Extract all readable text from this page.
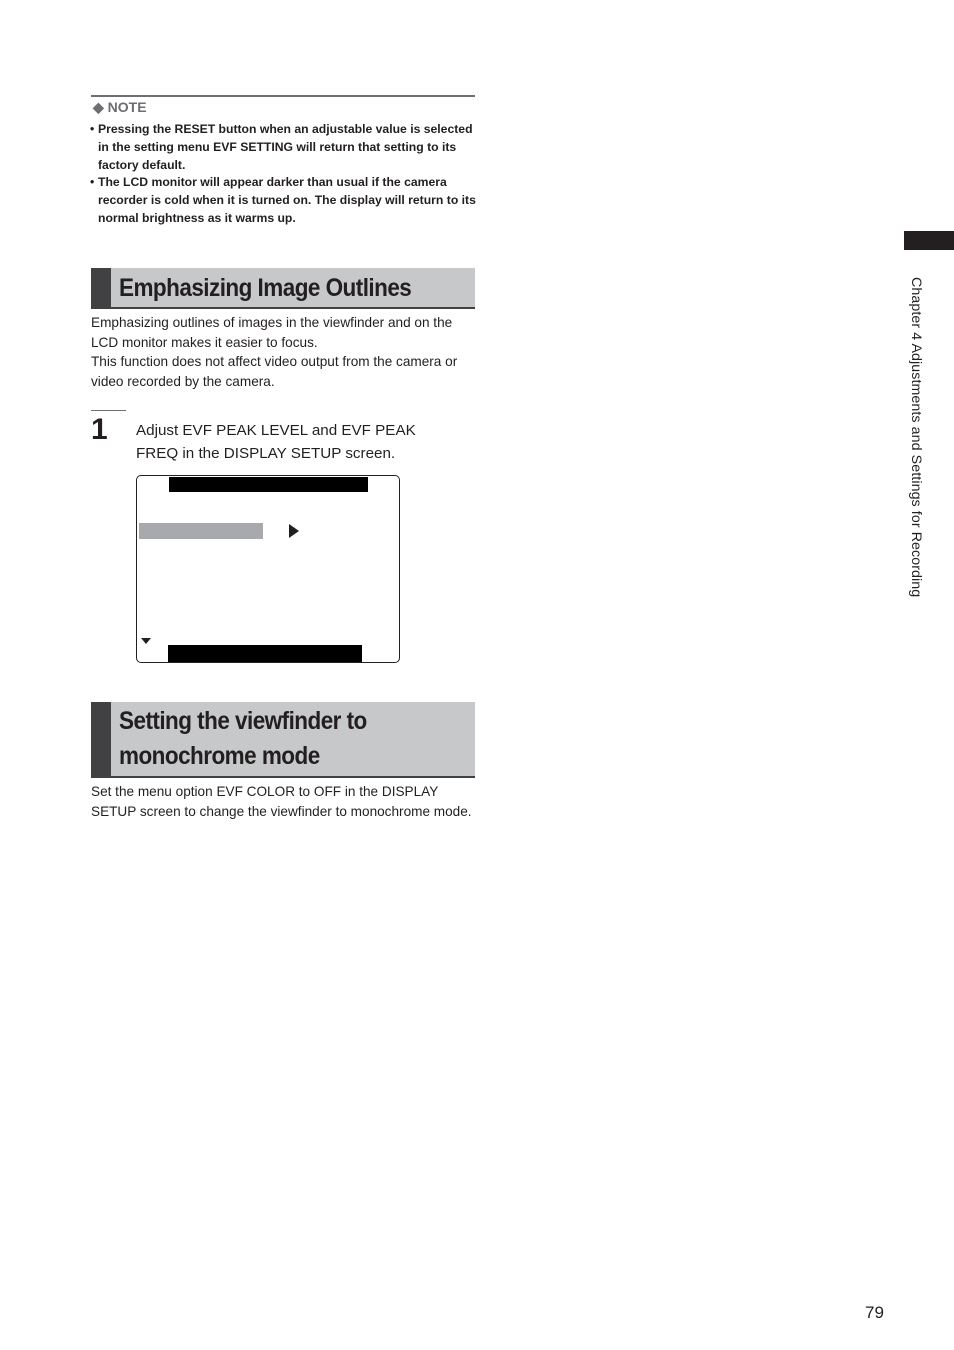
◆ NOTE
• Pressing the RESET button when an adjustable value is selected in the setting menu EVF SETTING will return that setting to its factory default.
• The LCD monitor will appear darker than usual if the camera recorder is cold when it is turned on. The display will return to its normal brightness as it warms up.
Emphasizing Image Outlines
Emphasizing outlines of images in the viewfinder and on the LCD monitor makes it easier to focus.
This function does not affect video output from the camera or video recorded by the camera.
1 Adjust EVF PEAK LEVEL and EVF PEAK FREQ in the DISPLAY SETUP screen.
Setting the viewfinder to
monochrome mode
Set the menu option EVF COLOR to OFF in the DISPLAY SETUP screen to change the viewfinder to monochrome mode.
Chapter 4 Adjustments and Settings for Recording
79
